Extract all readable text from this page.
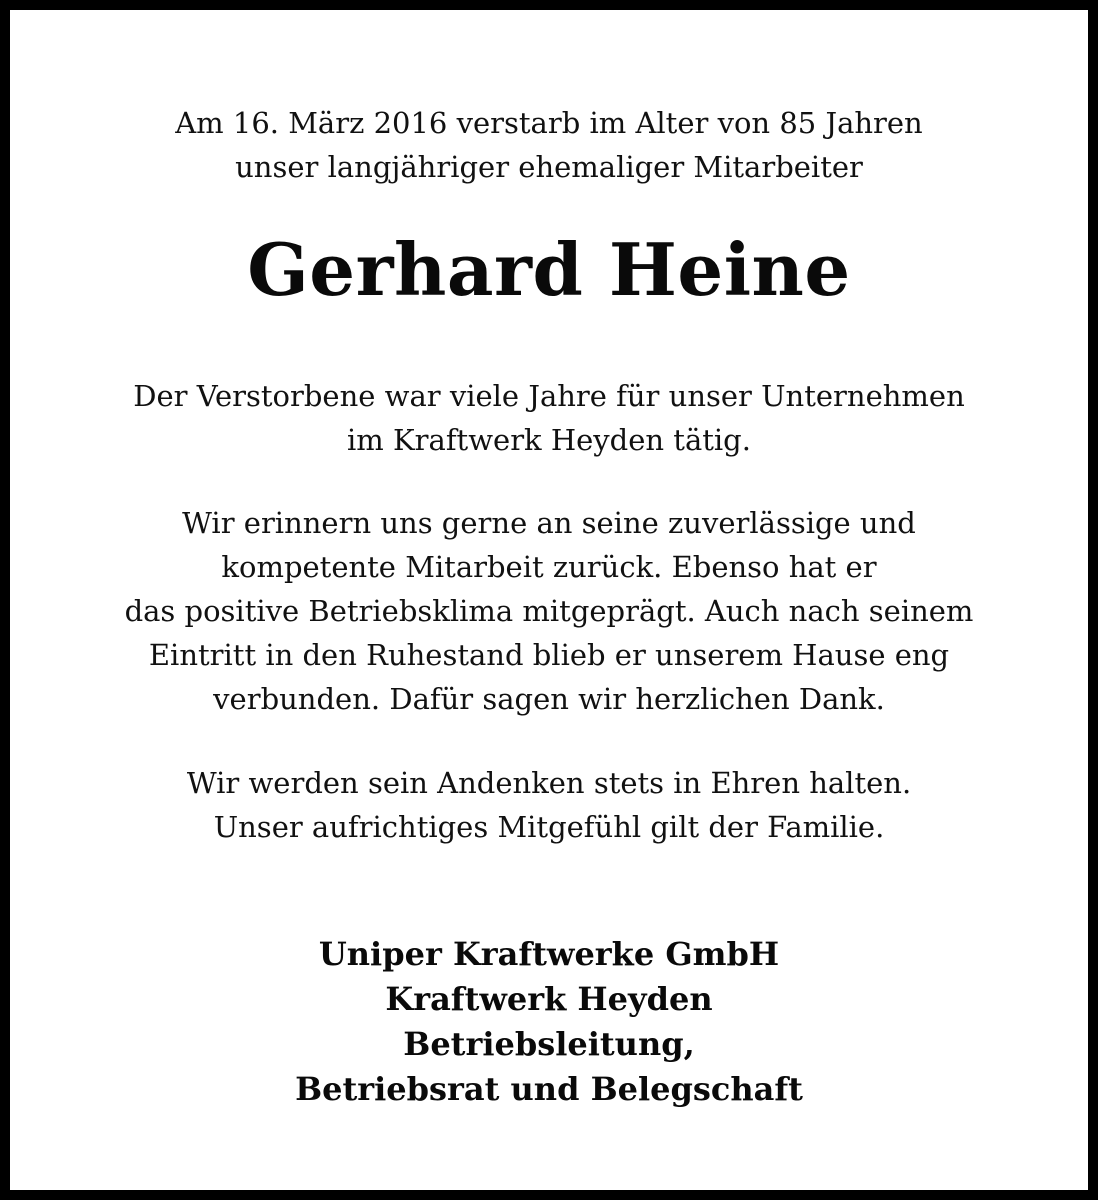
Am 16. März 2016 verstarb im Alter von 85 Jahren
unser langjähriger ehemaliger Mitarbeiter
Gerhard Heine
Der Verstorbene war viele Jahre für unser Unternehmen
im Kraftwerk Heyden tätig.
Wir erinnern uns gerne an seine zuverlässige und
kompetente Mitarbeit zurück. Ebenso hat er
das positive Betriebsklima mitgeprägt. Auch nach seinem
Eintritt in den Ruhestand blieb er unserem Hause eng
verbunden. Dafür sagen wir herzlichen Dank.
Wir werden sein Andenken stets in Ehren halten.
Unser aufrichtiges Mitgefühl gilt der Familie.
Uniper Kraftwerke GmbH
Kraftwerk Heyden
Betriebsleitung,
Betriebsrat und Belegschaft
